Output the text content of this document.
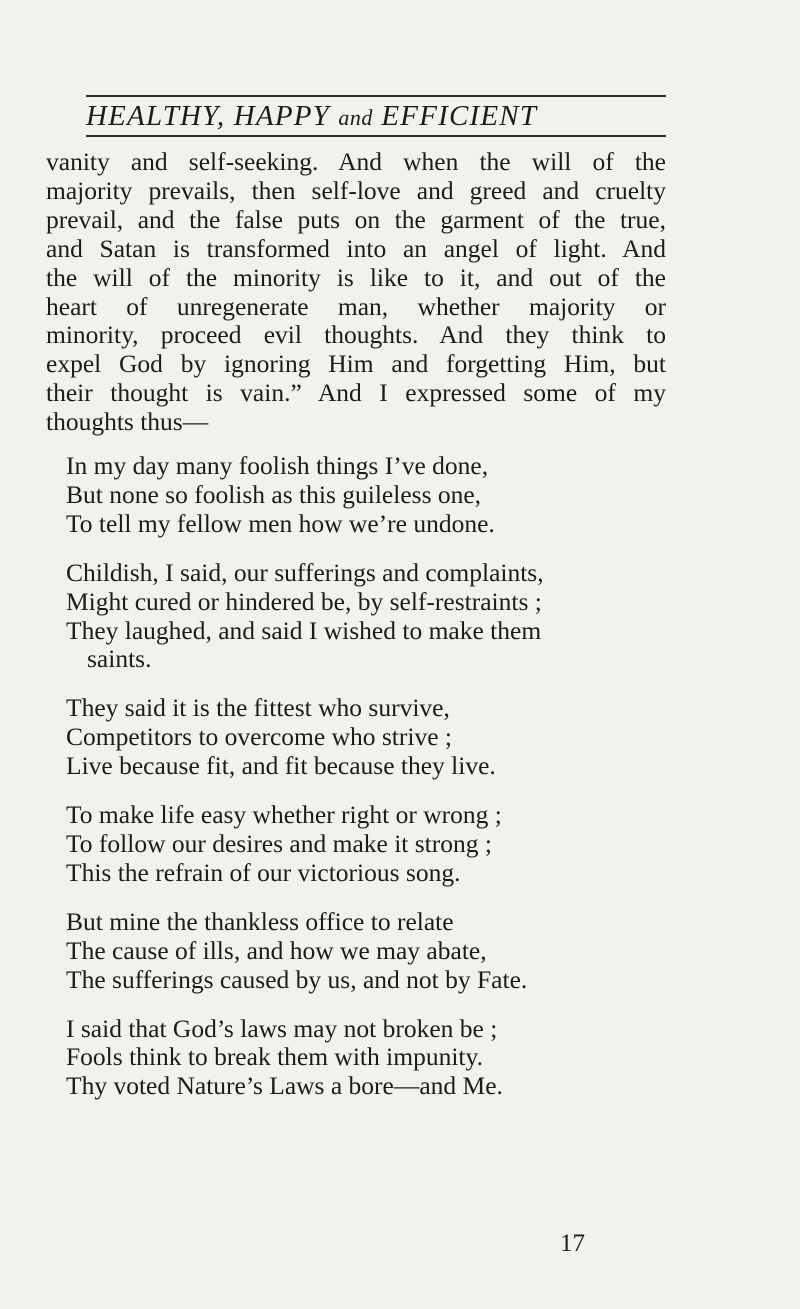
HEALTHY, HAPPY and EFFICIENT
vanity and self-seeking. And when the will of the
majority prevails, then self-love and greed and cruelty
prevail, and the false puts on the garment of the true,
and Satan is transformed into an angel of light. And
the will of the minority is like to it, and out of the
heart of unregenerate man, whether majority or
minority, proceed evil thoughts. And they think to
expel God by ignoring Him and forgetting Him, but
their thought is vain.” And I expressed some of my
thoughts thus—
In my day many foolish things I’ve done,
But none so foolish as this guileless one,
To tell my fellow men how we’re undone.
Childish, I said, our sufferings and complaints,
Might cured or hindered be, by self-restraints ;
They laughed, and said I wished to make them
saints.
They said it is the fittest who survive,
Competitors to overcome who strive ;
Live because fit, and fit because they live.
To make life easy whether right or wrong ;
To follow our desires and make it strong ;
This the refrain of our victorious song.
But mine the thankless office to relate
The cause of ills, and how we may abate,
The sufferings caused by us, and not by Fate.
I said that God’s laws may not broken be ;
Fools think to break them with impunity.
Thy voted Nature’s Laws a bore—and Me.
17
